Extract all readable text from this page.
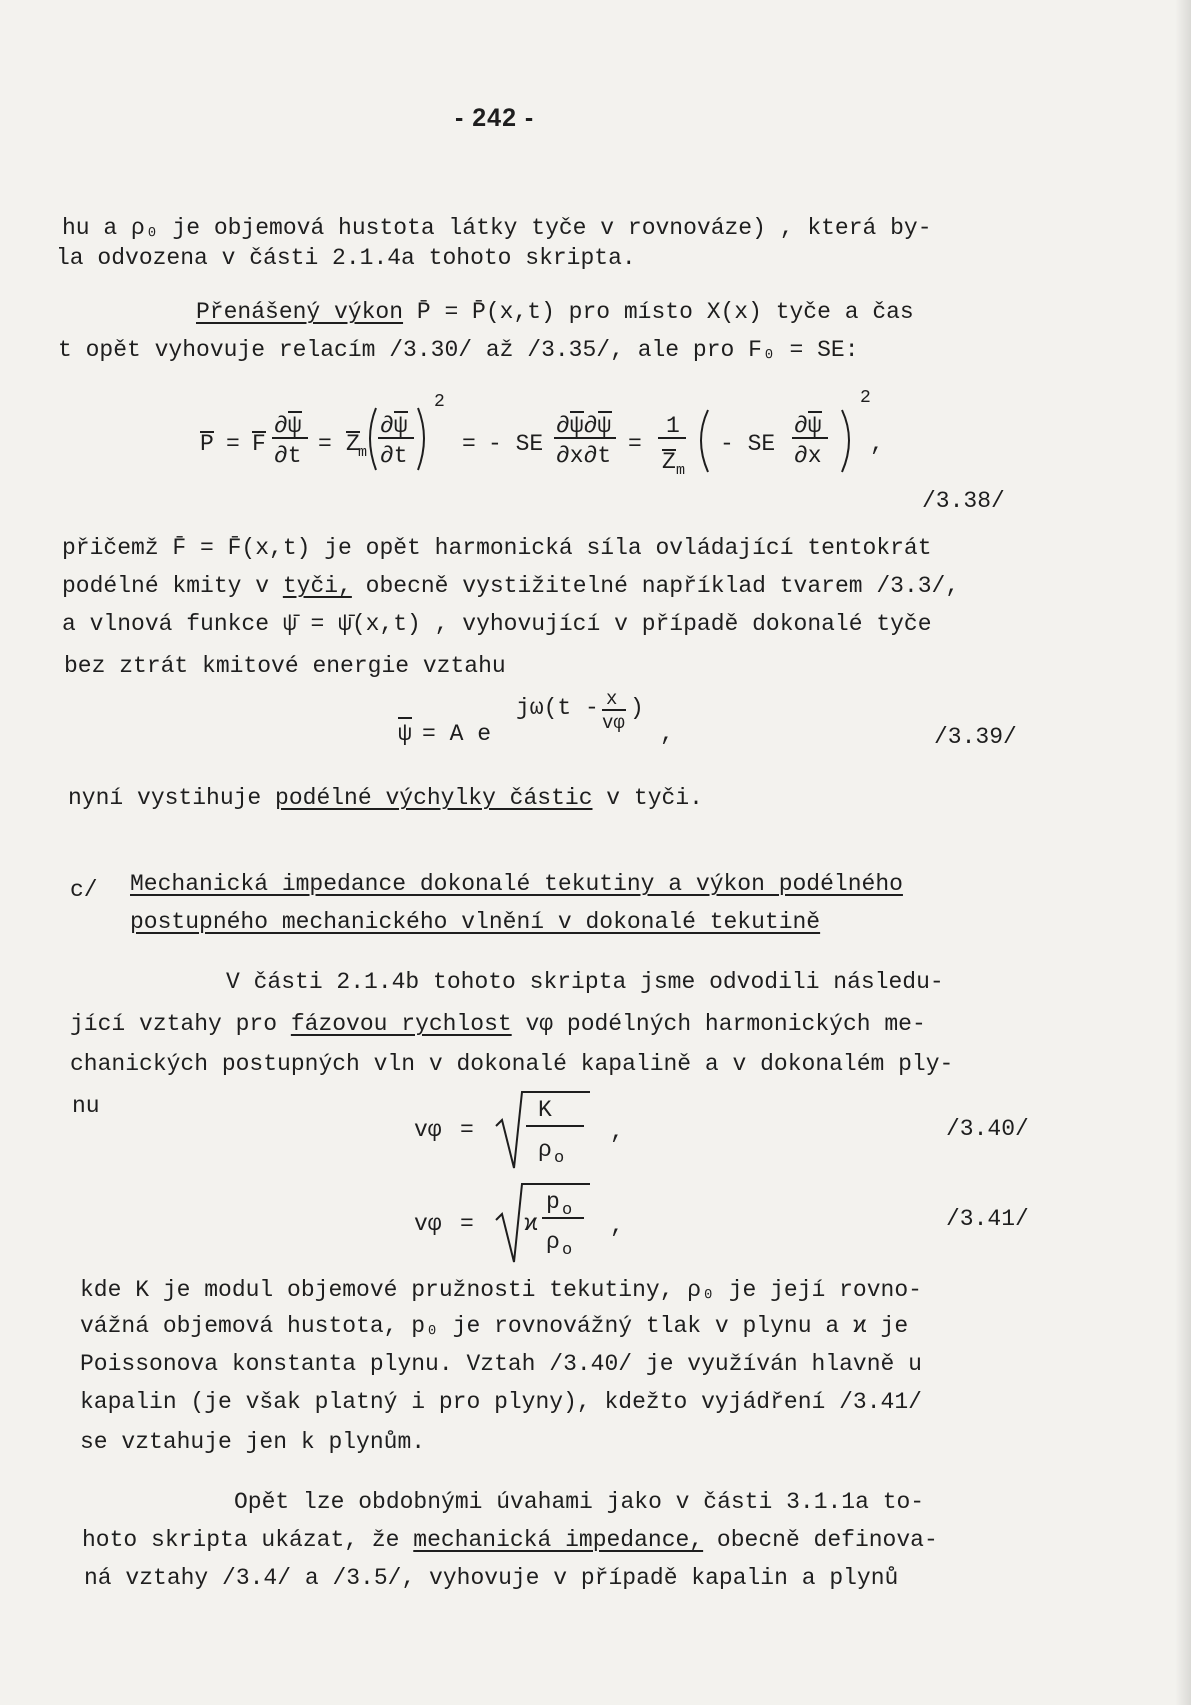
- 242 -
hu a ρ₀ je objemová hustota látky tyče v rovnováze) , která by-
la odvozena v části 2.1.4a tohoto skripta.
Přenášený výkon P̄ = P̄(x,t) pro místo X(x) tyče a čas
t opět vyhovuje relacím /3.30/ až /3.35/, ale pro F₀ = SE:
P = F
∂ψ
∂t = Z
m
∂ψ
∂t
2
= - SE
∂ψ∂ψ
∂x∂t =
1
Z m
- SE
∂ψ
∂x
2
,
/3.38/
přičemž F̄ = F̄(x,t) je opět harmonická síla ovládající tentokrát
podélné kmity v tyči, obecně vystižitelné například tvarem /3.3/,
a vlnová funkce ψ̄ = ψ̄(x,t) , vyhovující v případě dokonalé tyče
bez ztrát kmitové energie vztahu
ψ = A e
jω(t - x
vφ
)
,	/3.39/
nyní vystihuje podélné výchylky částic v tyči.
c/ Mechanická impedance dokonalé tekutiny a výkon podélného
postupného mechanického vlnění v dokonalé tekutině
V části 2.1.4b tohoto skripta jsme odvodili následu-
jící vztahy pro fázovou rychlost vφ podélných harmonických me-
chanických postupných vln v dokonalé kapalině a v dokonalém ply-
nu
vφ =
K
ρ o
,	/3.40/
vφ = ϰ
p o
ρ o
,	/3.41/
kde K je modul objemové pružnosti tekutiny, ρ₀ je její rovno-
vážná objemová hustota, p₀ je rovnovážný tlak v plynu a ϰ je
Poissonova konstanta plynu. Vztah /3.40/ je využíván hlavně u
kapalin (je však platný i pro plyny), kdežto vyjádření /3.41/
se vztahuje jen k plynům.
Opět lze obdobnými úvahami jako v části 3.1.1a to-
hoto skripta ukázat, že mechanická impedance, obecně definova-
ná vztahy /3.4/ a /3.5/, vyhovuje v případě kapalin a plynů
